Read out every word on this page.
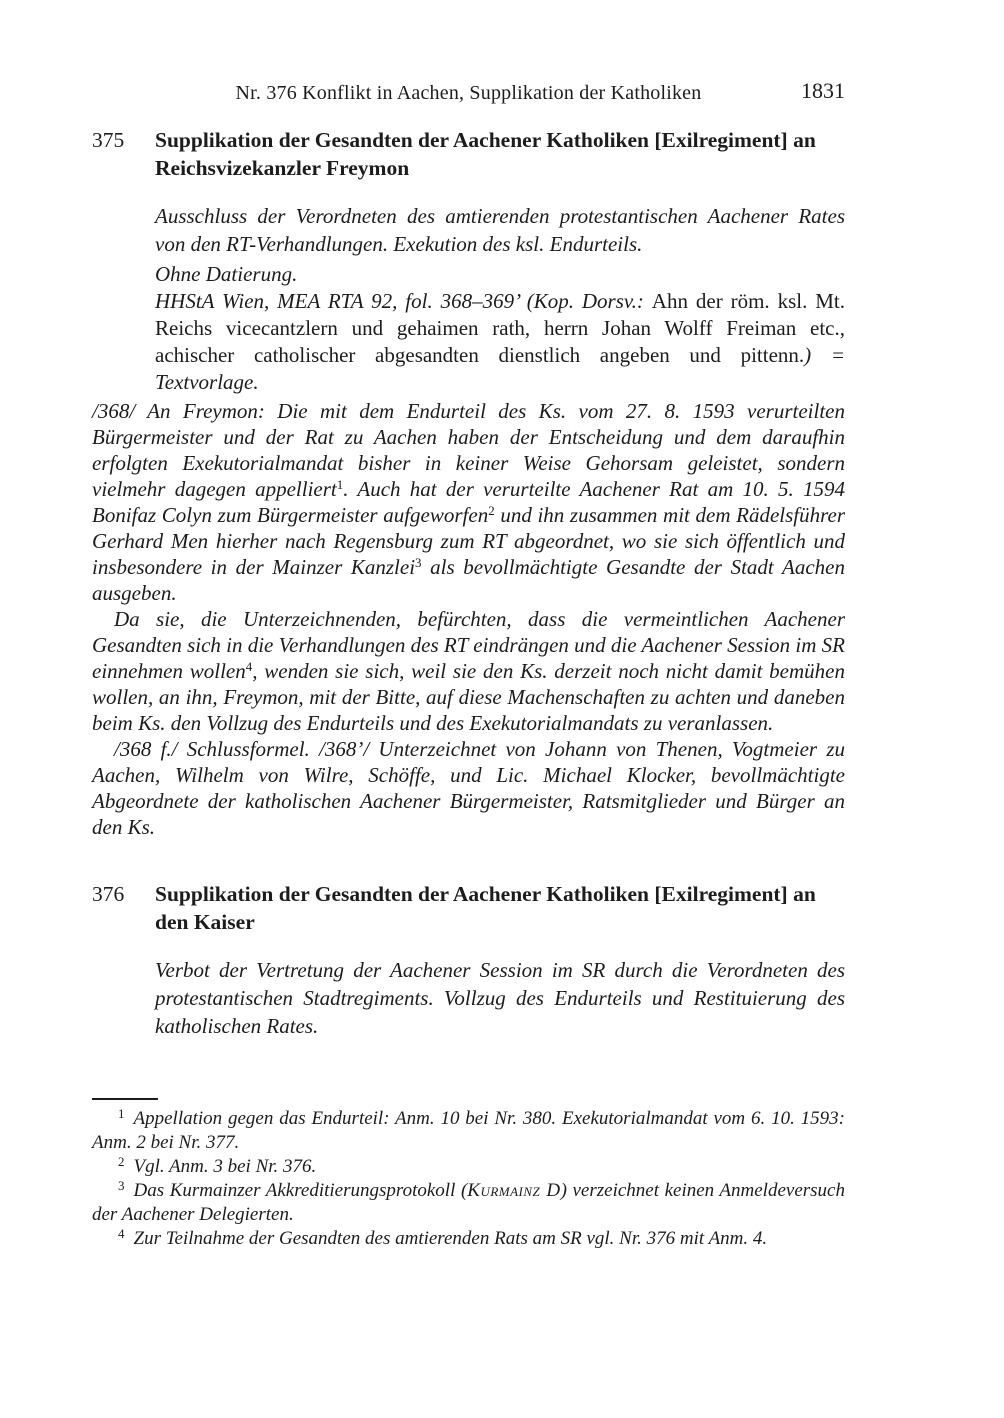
Nr. 376 Konflikt in Aachen, Supplikation der Katholiken	1831
375	Supplikation der Gesandten der Aachener Katholiken [Exilregiment] an Reichsvizekanzler Freymon

Ausschluss der Verordneten des amtierenden protestantischen Aachener Rates von den RT-Verhandlungen. Exekution des ksl. Endurteils.

Ohne Datierung.

HHStA Wien, MEA RTA 92, fol. 368–369’ (Kop. Dorsv.: Ahn der röm. ksl. Mt. Reichs vicecantzlern und gehaimen rath, herrn Johan Wolff Freiman etc., achischer catholischer abgesandten dienstlich angeben und pittenn.) = Textvorlage.

/368/ An Freymon: Die mit dem Endurteil des Ks. vom 27. 8. 1593 verurteilten Bürgermeister und der Rat zu Aachen haben der Entscheidung und dem daraufhin erfolgten Exekutorialmandat bisher in keiner Weise Gehorsam geleistet, sondern vielmehr dagegen appelliert$^1$. Auch hat der verurteilte Aachener Rat am 10. 5. 1594 Bonifaz Colyn zum Bürgermeister aufgeworfen$^2$ und ihn zusammen mit dem Rädelsführer Gerhard Men hierher nach Regensburg zum RT abgeordnet, wo sie sich öffentlich und insbesondere in der Mainzer Kanzlei$^3$ als bevollmächtigte Gesandte der Stadt Aachen ausgeben.

Da sie, die Unterzeichnenden, befürchten, dass die vermeintlichen Aachener Gesandten sich in die Verhandlungen des RT eindrängen und die Aachener Session im SR einnehmen wollen$^4$, wenden sie sich, weil sie den Ks. derzeit noch nicht damit bemühen wollen, an ihn, Freymon, mit der Bitte, auf diese Machenschaften zu achten und daneben beim Ks. den Vollzug des Endurteils und des Exekutorialmandats zu veranlassen.

/368 f./ Schlussformel. /368’/ Unterzeichnet von Johann von Thenen, Vogtmeier zu Aachen, Wilhelm von Wilre, Schöffe, und Lic. Michael Klocker, bevollmächtigte Abgeordnete der katholischen Aachener Bürgermeister, Ratsmitglieder und Bürger an den Ks.

376	Supplikation der Gesandten der Aachener Katholiken [Exilregiment] an den Kaiser

Verbot der Vertretung der Aachener Session im SR durch die Verordneten des protestantischen Stadtregiments. Vollzug des Endurteils und Restituierung des katholischen Rates.

$^1$ Appellation gegen das Endurteil: Anm. 10 bei Nr. 380. Exekutorialmandat vom 6. 10. 1593: Anm. 2 bei Nr. 377.

$^2$ Vgl. Anm. 3 bei Nr. 376.

$^3$ Das Kurmainzer Akkreditierungsprotokoll (Kurmainz D) verzeichnet keinen Anmeldeversuch der Aachener Delegierten.

$^4$ Zur Teilnahme der Gesandten des amtierenden Rats am SR vgl. Nr. 376 mit Anm. 4.
